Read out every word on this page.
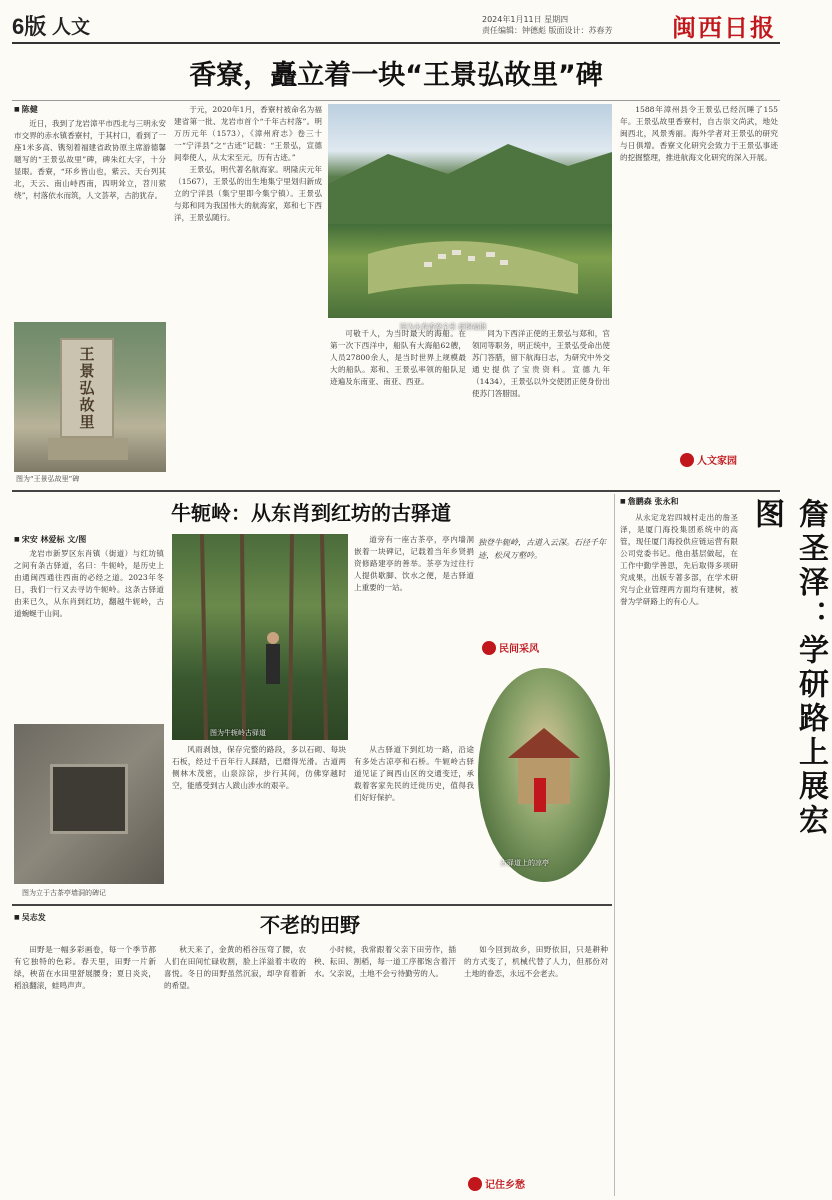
6版 人文	2024年1月11日 星期四
责任编辑：钟德彪 版面设计：苏春芳 闽西日报
香寮，矗立着一块“王景弘故里”碑
■ 陈健

近日，我到了龙岩漳平市西北与三明永安市交界的赤水镇香寮村，于其村口，看到了一座1米多高、镌刻着福建省政协原主席游德馨题写的“王景弘故里”碑，碑朱红大字，十分显眼。香寮，“环乡皆山也，紫云、天台列其北，天云、南山峙西南，四明耸立，苕川萦绕”，村落依水而筑，人文荟萃，古韵犹存。

王景弘故里
图为“王景弘故里”碑

于元，2020年1月，香寮村被命名为福建省第一批、龙岩市首个“千年古村落”。明万历元年（1573），《漳州府志》卷三十一“宁洋县”之“古迹”记载：“王景弘，宣德间奉使人，从太宋至元，历有古迹。”

王景弘，明代著名航海家。明隆庆元年（1567），王景弘的出生地集宁里划归新成立的宁洋县（集宁里即今集宁镇）。王景弘与郑和同为我国伟大的航海家，郑和七下西洋，王景弘随行。

图为永春香寮全景 颜锦福摄

可敬千人，为当时最大的海船。在第一次下西洋中，船队有大海船62艘，人员27800余人，是当时世界上规模最大的船队。郑和、王景弘率领的船队足迹遍及东南亚、南亚、西亚。

同为下西洋正使的王景弘与郑和，官领同等职务，明正统中，王景弘受命出使苏门答腊，留下航海日志，为研究中外交通史提供了宝贵资料。宣德九年（1434），王景弘以外交使团正使身份出使苏门答腊国。

1588年漳州县令王景弘已经沉睡了155年。王景弘故里香寮村，自古崇文尚武，地处闽西北，风景秀丽。海外学者对王景弘的研究与日俱增。香寮文化研究会致力于王景弘事迹的挖掘整理，推进航海文化研究的深入开展。

人文家园
牛轭岭：从东肖到红坊的古驿道
■ 宋安 林爱标 文/图

龙岩市新罗区东肖镇（街道）与红坊镇之间有条古驿道，名曰：牛轭岭，是历史上由通闽西通往西南的必经之道。2023年冬日，我们一行又去寻访牛轭岭。这条古驿道由来已久，从东肖到红坊，翻越牛轭岭，古道蜿蜒于山间。

图为立于古茶亭墙洞的碑记
图为牛轭岭古驿道

风雨剥蚀，保存完整的路段，多以石砌、每块石板，经过千百年行人踩踏，已磨得光滑。古道两侧林木茂密，山泉淙淙，步行其间，仿佛穿越时空，能感受到古人跋山涉水的艰辛。

道旁有一座古茶亭，亭内墙洞嵌着一块碑记，记载着当年乡贤捐资修路建亭的善举。茶亭为过往行人提供歇脚、饮水之便，是古驿道上重要的一站。

独登牛轭岭，古道入云深。石径千年迹，松风万壑吟。
民间采风

从古驿道下到红坊一路，沿途有多处古凉亭和石桥。牛轭岭古驿道见证了闽西山区的交通变迁，承载着客家先民的迁徙历史，值得我们好好保护。

古驿道上的凉亭
■ 詹鹏森 张永和	詹圣泽：学研路上展宏图

从永定龙岩四城村走出的詹圣泽，是厦门海投集团系统中的高管，现任厦门海投供应链运营有限公司党委书记。他由基层做起，在工作中勤学善思，先后取得多项研究成果，出版专著多部，在学术研究与企业管理两方面均有建树，被誉为学研路上的有心人。

不老的田野
■ 吴志发

田野是一幅多彩画卷，每一个季节都有它独特的色彩。春天里，田野一片新绿，秧苗在水田里舒展腰身；夏日炎炎，稻浪翻滚，蛙鸣声声。

秋天来了，金黄的稻谷压弯了腰，农人们在田间忙碌收割，脸上洋溢着丰收的喜悦。冬日的田野虽然沉寂，却孕育着新的希望。

小时候，我常跟着父亲下田劳作，插秧、耘田、割稻，每一道工序都饱含着汗水。父亲说，土地不会亏待勤劳的人。

如今回到故乡，田野依旧，只是耕种的方式变了，机械代替了人力，但那份对土地的眷恋，永远不会老去。

记住乡愁
